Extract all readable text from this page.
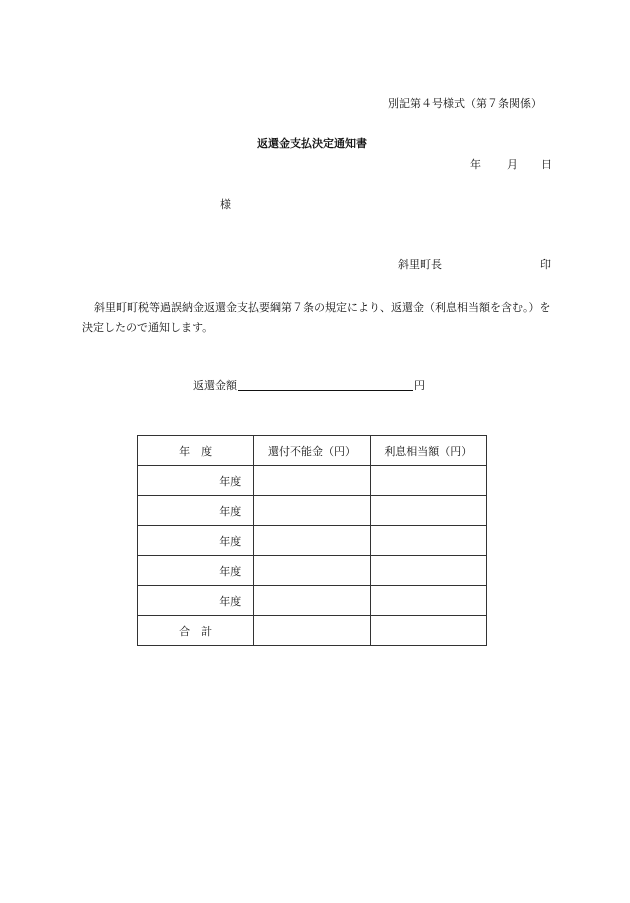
別記第４号様式（第７条関係）
返還金支払決定通知書
年 月 日
様
斜里町長	印
斜里町町税等過誤納金返還金支払要綱第７条の規定により、返還金（利息相当額を含む。）を決定したので通知します。
返還金額	円
年　度	還付不能金（円）	利息相当額（円）
年度		
年度		
年度		
年度		
年度		
合　計		
